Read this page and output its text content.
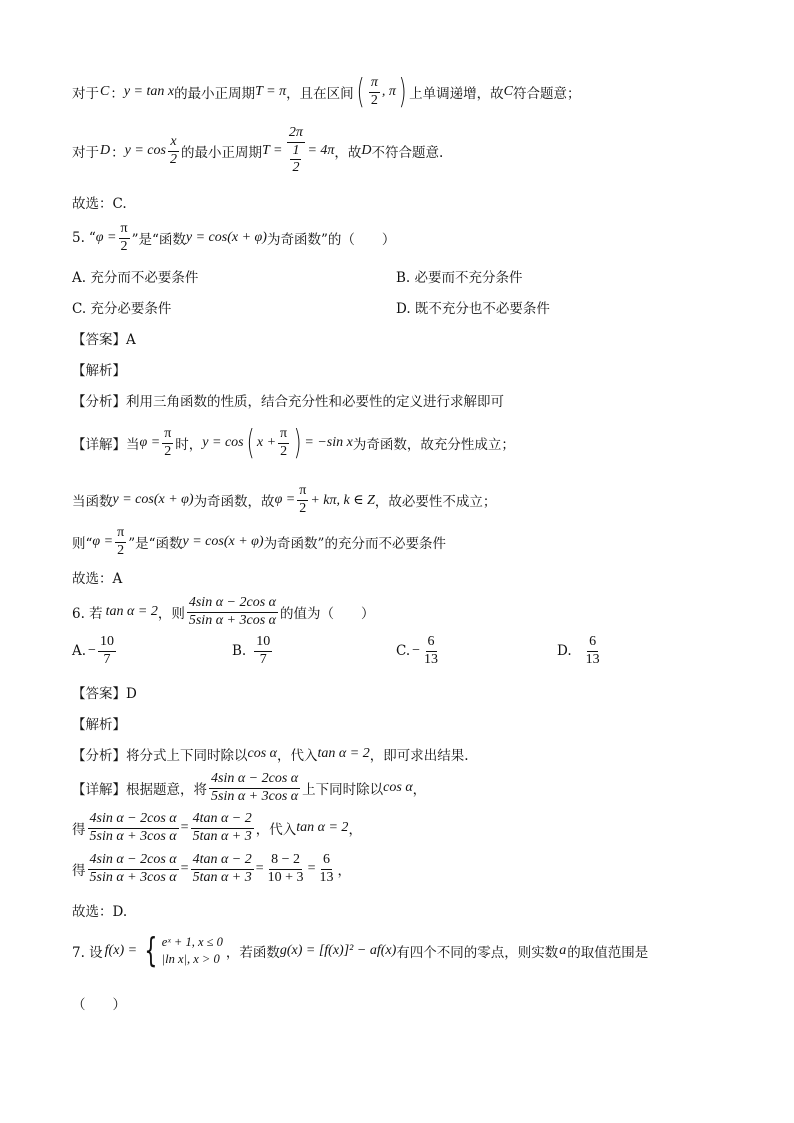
对于 C ： y = tan x 的最小正周期 T = π ，且在区间 ( $\frac{\pi}{2}$ , π ) 上单调递增，故 C 符合题意；
对于 D ： $y = \cos \frac{x}{2}$ 的最小正周期 $T = \frac{2\pi}{\frac{1}{2}} = 4\pi$ ，故 D 不符合题意.
故选：C.
5. “ $\varphi = \frac{\pi}{2}$ ”是“函数 y = cos(x + φ) 为奇函数”的（　　）
A. 充分而不必要条件	B. 必要而不充分条件
C. 充分必要条件	D. 既不充分也不必要条件
【答案】A
【解析】
【分析】利用三角函数的性质，结合充分性和必要性的定义进行求解即可
【详解】当 $\varphi = \frac{\pi}{2}$ 时， y = cos ( $x + \frac{\pi}{2}$ ) = −sin x 为奇函数，故充分性成立；
当函数 y = cos(x + φ) 为奇函数，故 $\varphi = \frac{\pi}{2} + k\pi$, k ∈ Z ，故必要性不成立；
则“ $\varphi = \frac{\pi}{2}$ ”是“函数 y = cos(x + φ) 为奇函数”的充分而不必要条件
故选：A
6. 若 tan α = 2 ，则 $\frac{\text{4sin α − 2cos α}}{\text{5sin α + 3cos α}}$ 的值为（　　）
A. − $\frac{10}{7}$	B. $\frac{10}{7}$	C. − $\frac{6}{13}$	D. $\frac{6}{13}$
【答案】D
【解析】
【分析】将分式上下同时除以 cos α ，代入 tan α = 2 ，即可求出结果.
【详解】根据题意，将 $\frac{\text{4sin α − 2cos α}}{\text{5sin α + 3cos α}}$ 上下同时除以 cos α ，
得 $\frac{\text{4sin α − 2cos α}}{\text{5sin α + 3cos α}} = \frac{\text{4tan α − 2}}{\text{5tan α + 3}}$ ，代入 tan α = 2 ，
得 $\frac{\text{4sin α − 2cos α}}{\text{5sin α + 3cos α}} = \frac{\text{4tan α − 2}}{\text{5tan α + 3}} = \frac{8 - 2}{10 + 3} = \frac{6}{13}$ ，
故选：D.
7. 设 f(x) = { eˣ + 1, x ≤ 0
|ln x|, x > 0 ，若函数 g(x) = [f(x)]² − af(x) 有四个不同的零点，则实数 a 的取值范围是
（　　）
